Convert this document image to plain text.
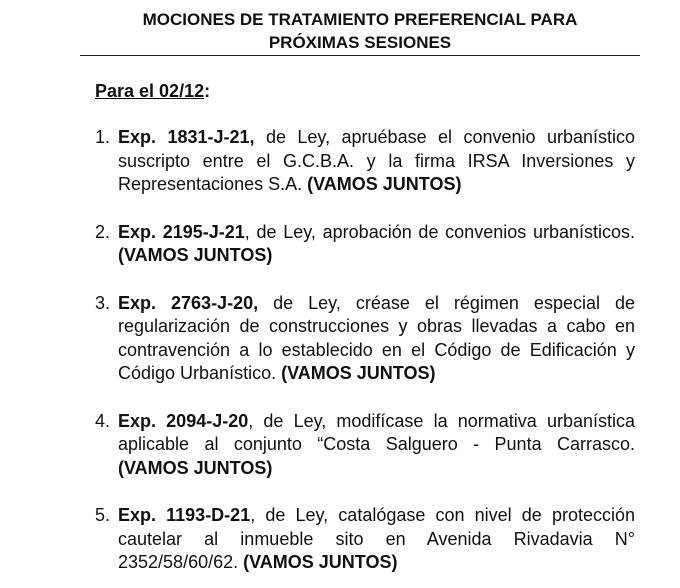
MOCIONES DE TRATAMIENTO PREFERENCIAL PARA
PRÓXIMAS SESIONES
Para el 02/12:
1. Exp. 1831-J-21, de Ley, apruébase el convenio urbanístico suscripto entre el G.C.B.A. y la firma IRSA Inversiones y Representaciones S.A. (VAMOS JUNTOS)
2. Exp. 2195-J-21, de Ley, aprobación de convenios urbanísticos. (VAMOS JUNTOS)
3. Exp. 2763-J-20, de Ley, créase el régimen especial de regularización de construcciones y obras llevadas a cabo en contravención a lo establecido en el Código de Edificación y Código Urbanístico. (VAMOS JUNTOS)
4. Exp. 2094-J-20, de Ley, modifícase la normativa urbanística aplicable al conjunto “Costa Salguero - Punta Carrasco. (VAMOS JUNTOS)
5. Exp. 1193-D-21, de Ley, catalógase con nivel de protección cautelar al inmueble sito en Avenida Rivadavia N° 2352/58/60/62. (VAMOS JUNTOS)
